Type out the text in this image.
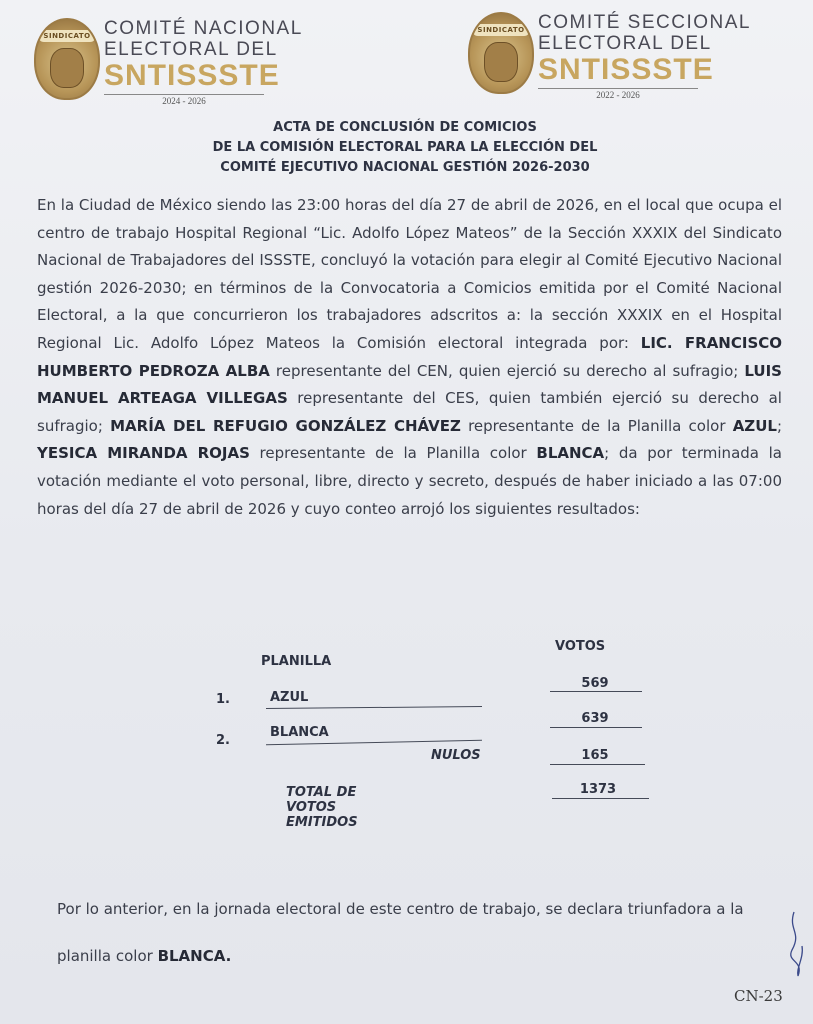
SINDICATO COMITÉ NACIONAL
ELECTORAL DEL
SNTISSSTE
2024 - 2026
SINDICATO COMITÉ SECCIONAL
ELECTORAL DEL
SNTISSSTE
2022 - 2026
ACTA DE CONCLUSIÓN DE COMICIOS
DE LA COMISIÓN ELECTORAL PARA LA ELECCIÓN DEL
COMITÉ EJECUTIVO NACIONAL GESTIÓN 2026-2030
En la Ciudad de México siendo las 23:00 horas del día 27 de abril de 2026, en el local que ocupa el centro de trabajo Hospital Regional “Lic. Adolfo López Mateos” de la Sección XXXIX del Sindicato Nacional de Trabajadores del ISSSTE, concluyó la votación para elegir al Comité Ejecutivo Nacional gestión 2026-2030; en términos de la Convocatoria a Comicios emitida por el Comité Nacional Electoral, a la que concurrieron los trabajadores adscritos a: la sección XXXIX en el Hospital Regional Lic. Adolfo López Mateos la Comisión electoral integrada por: LIC. FRANCISCO HUMBERTO PEDROZA ALBA representante del CEN, quien ejerció su derecho al sufragio; LUIS MANUEL ARTEAGA VILLEGAS representante del CES, quien también ejerció su derecho al sufragio; MARÍA DEL REFUGIO GONZÁLEZ CHÁVEZ representante de la Planilla color AZUL; YESICA MIRANDA ROJAS representante de la Planilla color BLANCA; da por terminada la votación mediante el voto personal, libre, directo y secreto, después de haber iniciado a las 07:00 horas del día 27 de abril de 2026 y cuyo conteo arrojó los siguientes resultados:
PLANILLA
VOTOS
1.	AZUL
569
2.
BLANCA
639
NULOS	165
TOTAL DE VOTOS EMITIDOS
1373
Por lo anterior, en la jornada electoral de este centro de trabajo, se declara triunfadora a la planilla color BLANCA.
CN-23
